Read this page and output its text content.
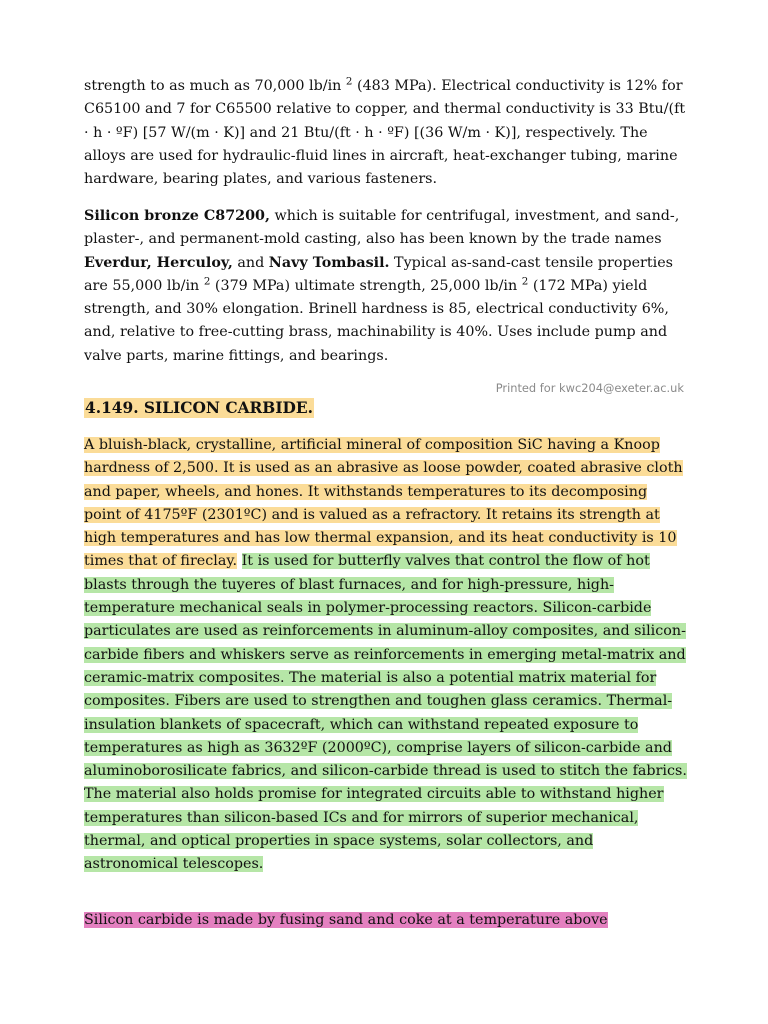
strength to as much as 70,000 lb/in $^2$ (483 MPa). Electrical conductivity is 12% for C65100 and 7 for C65500 relative to copper, and thermal conductivity is 33 Btu/(ft · h · ºF) [57 W/(m · K)] and 21 Btu/(ft · h · ºF) [(36 W/m · K)], respectively. The alloys are used for hydraulic-fluid lines in aircraft, heat-exchanger tubing, marine hardware, bearing plates, and various fasteners.

Silicon bronze C87200, which is suitable for centrifugal, investment, and sand-, plaster-, and permanent-mold casting, also has been known by the trade names Everdur, Herculoy, and Navy Tombasil. Typical as-sand-cast tensile properties are 55,000 lb/in $^2$ (379 MPa) ultimate strength, 25,000 lb/in $^2$ (172 MPa) yield strength, and 30% elongation. Brinell hardness is 85, electrical conductivity 6%, and, relative to free-cutting brass, machinability is 40%. Uses include pump and valve parts, marine fittings, and bearings.

Printed for kwc204@exeter.ac.uk
4.149. SILICON CARBIDE.

A bluish-black, crystalline, artificial mineral of composition SiC having a Knoop hardness of 2,500. It is used as an abrasive as loose powder, coated abrasive cloth and paper, wheels, and hones. It withstands temperatures to its decomposing point of 4175ºF (2301ºC) and is valued as a refractory. It retains its strength at high temperatures and has low thermal expansion, and its heat conductivity is 10 times that of fireclay. It is used for butterfly valves that control the flow of hot blasts through the tuyeres of blast furnaces, and for high-pressure, high-temperature mechanical seals in polymer-processing reactors. Silicon-carbide particulates are used as reinforcements in aluminum-alloy composites, and silicon-carbide fibers and whiskers serve as reinforcements in emerging metal-matrix and ceramic-matrix composites. The material is also a potential matrix material for composites. Fibers are used to strengthen and toughen glass ceramics. Thermal-insulation blankets of spacecraft, which can withstand repeated exposure to temperatures as high as 3632ºF (2000ºC), comprise layers of silicon-carbide and aluminoborosilicate fabrics, and silicon-carbide thread is used to stitch the fabrics. The material also holds promise for integrated circuits able to withstand higher temperatures than silicon-based ICs and for mirrors of superior mechanical, thermal, and optical properties in space systems, solar collectors, and astronomical telescopes.

Silicon carbide is made by fusing sand and coke at a temperature above
